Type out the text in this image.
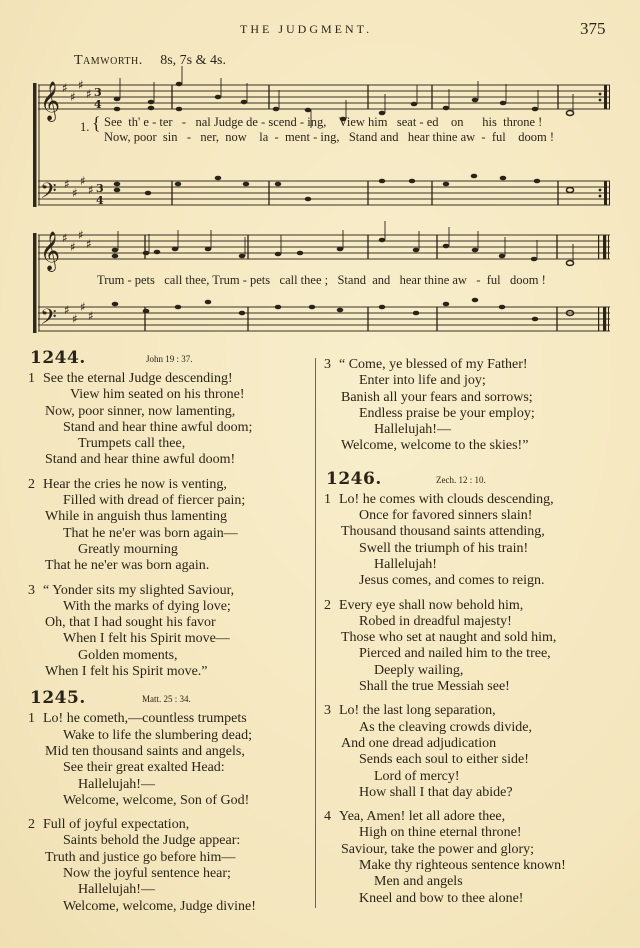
THE JUDGMENT.	375
Tamworth. 8s, 7s & 4s.
𝄞
𝄢
𝄞
𝄢
♯
♯
♯
♯
♯
♯
♯
♯
♯
♯
♯
♯
♯
♯
♯
♯
3
4
3
4
1. { See  th' e - ter   -   nal Judge de - scend - ing,    View him   seat - ed    on      his  throne !
Now, poor  sin   -   ner,  now    la  -  ment - ing,   Stand and   hear thine aw  -  ful    doom !
Trum - pets   call thee, Trum - pets   call thee ;   Stand  and   hear thine aw   -  ful   doom !
1244.	John 19 : 37.
1 See the eternal Judge descending!
View him seated on his throne!
Now, poor sinner, now lamenting,
Stand and hear thine awful doom;
Trumpets call thee,
Stand and hear thine awful doom!
2 Hear the cries he now is venting,
Filled with dread of fiercer pain;
While in anguish thus lamenting
That he ne'er was born again—
Greatly mourning
That he ne'er was born again.
3 “ Yonder sits my slighted Saviour,
With the marks of dying love;
Oh, that I had sought his favor
When I felt his Spirit move—
Golden moments,
When I felt his Spirit move.”
1245.	Matt. 25 : 34.
1 Lo! he cometh,—countless trumpets
Wake to life the slumbering dead;
Mid ten thousand saints and angels,
See their great exalted Head:
Hallelujah!—
Welcome, welcome, Son of God!
2 Full of joyful expectation,
Saints behold the Judge appear:
Truth and justice go before him—
Now the joyful sentence hear;
Hallelujah!—
Welcome, welcome, Judge divine!
3 “ Come, ye blessed of my Father!
Enter into life and joy;
Banish all your fears and sorrows;
Endless praise be your employ;
Hallelujah!—
Welcome, welcome to the skies!”
1246.	Zech. 12 : 10.
1 Lo! he comes with clouds descending,
Once for favored sinners slain!
Thousand thousand saints attending,
Swell the triumph of his train!
Hallelujah!
Jesus comes, and comes to reign.
2 Every eye shall now behold him,
Robed in dreadful majesty!
Those who set at naught and sold him,
Pierced and nailed him to the tree,
Deeply wailing,
Shall the true Messiah see!
3 Lo! the last long separation,
As the cleaving crowds divide,
And one dread adjudication
Sends each soul to either side!
Lord of mercy!
How shall I that day abide?
4 Yea, Amen! let all adore thee,
High on thine eternal throne!
Saviour, take the power and glory;
Make thy righteous sentence known!
Men and angels
Kneel and bow to thee alone!
